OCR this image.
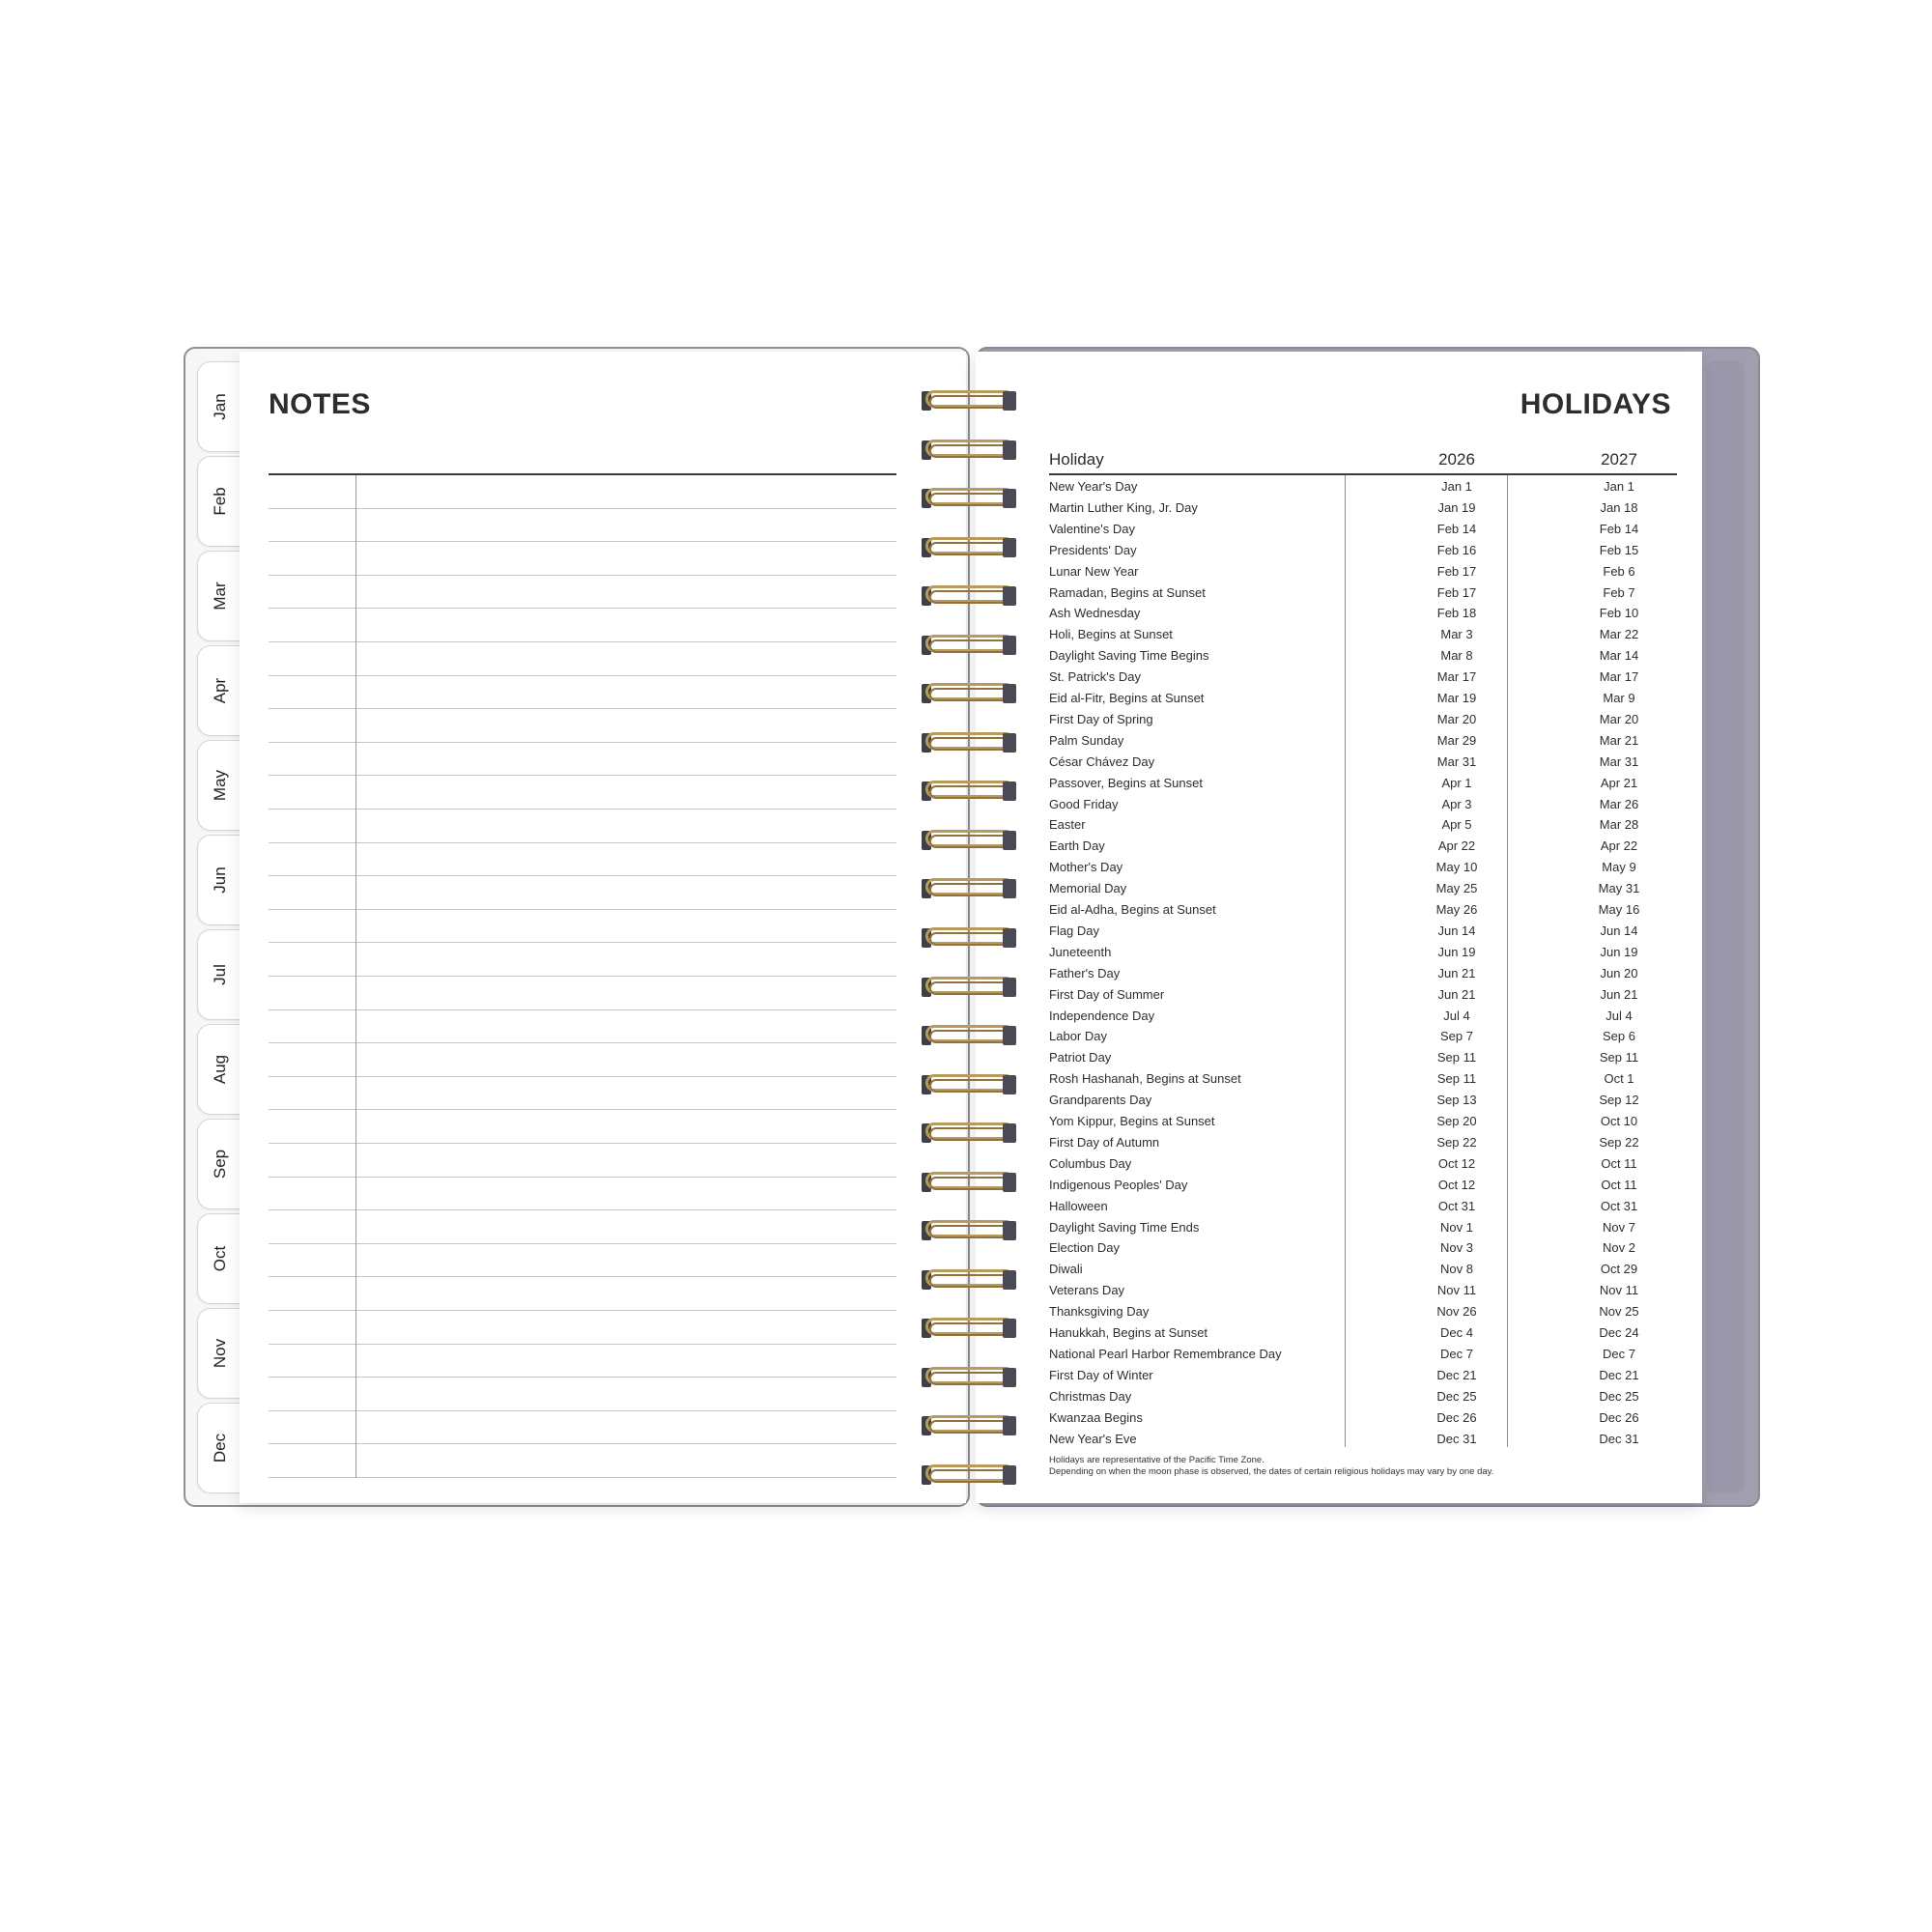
Jan
Feb
Mar
Apr
May
Jun
Jul
Aug
Sep
Oct
Nov
Dec
NOTES	HOLIDAYS
Holiday	2026	2027
New Year's Day	Jan 1	Jan 1
Martin Luther King, Jr. Day	Jan 19	Jan 18
Valentine's Day	Feb 14	Feb 14
Presidents' Day	Feb 16	Feb 15
Lunar New Year	Feb 17	Feb 6
Ramadan, Begins at Sunset	Feb 17	Feb 7
Ash Wednesday	Feb 18	Feb 10
Holi, Begins at Sunset	Mar 3	Mar 22
Daylight Saving Time Begins	Mar 8	Mar 14
St. Patrick's Day	Mar 17	Mar 17
Eid al-Fitr, Begins at Sunset	Mar 19	Mar 9
First Day of Spring	Mar 20	Mar 20
Palm Sunday	Mar 29	Mar 21
César Chávez Day	Mar 31	Mar 31
Passover, Begins at Sunset	Apr 1	Apr 21
Good Friday	Apr 3	Mar 26
Easter	Apr 5	Mar 28
Earth Day	Apr 22	Apr 22
Mother's Day	May 10	May 9
Memorial Day	May 25	May 31
Eid al-Adha, Begins at Sunset	May 26	May 16
Flag Day	Jun 14	Jun 14
Juneteenth	Jun 19	Jun 19
Father's Day	Jun 21	Jun 20
First Day of Summer	Jun 21	Jun 21
Independence Day	Jul 4	Jul 4
Labor Day	Sep 7	Sep 6
Patriot Day	Sep 11	Sep 11
Rosh Hashanah, Begins at Sunset	Sep 11	Oct 1
Grandparents Day	Sep 13	Sep 12
Yom Kippur, Begins at Sunset	Sep 20	Oct 10
First Day of Autumn	Sep 22	Sep 22
Columbus Day	Oct 12	Oct 11
Indigenous Peoples' Day	Oct 12	Oct 11
Halloween	Oct 31	Oct 31
Daylight Saving Time Ends	Nov 1	Nov 7
Election Day	Nov 3	Nov 2
Diwali	Nov 8	Oct 29
Veterans Day	Nov 11	Nov 11
Thanksgiving Day	Nov 26	Nov 25
Hanukkah, Begins at Sunset	Dec 4	Dec 24
National Pearl Harbor Remembrance Day	Dec 7	Dec 7
First Day of Winter	Dec 21	Dec 21
Christmas Day	Dec 25	Dec 25
Kwanzaa Begins	Dec 26	Dec 26
New Year's Eve	Dec 31	Dec 31
Holidays are representative of the Pacific Time Zone.
Depending on when the moon phase is observed, the dates of certain religious holidays may vary by one day.
